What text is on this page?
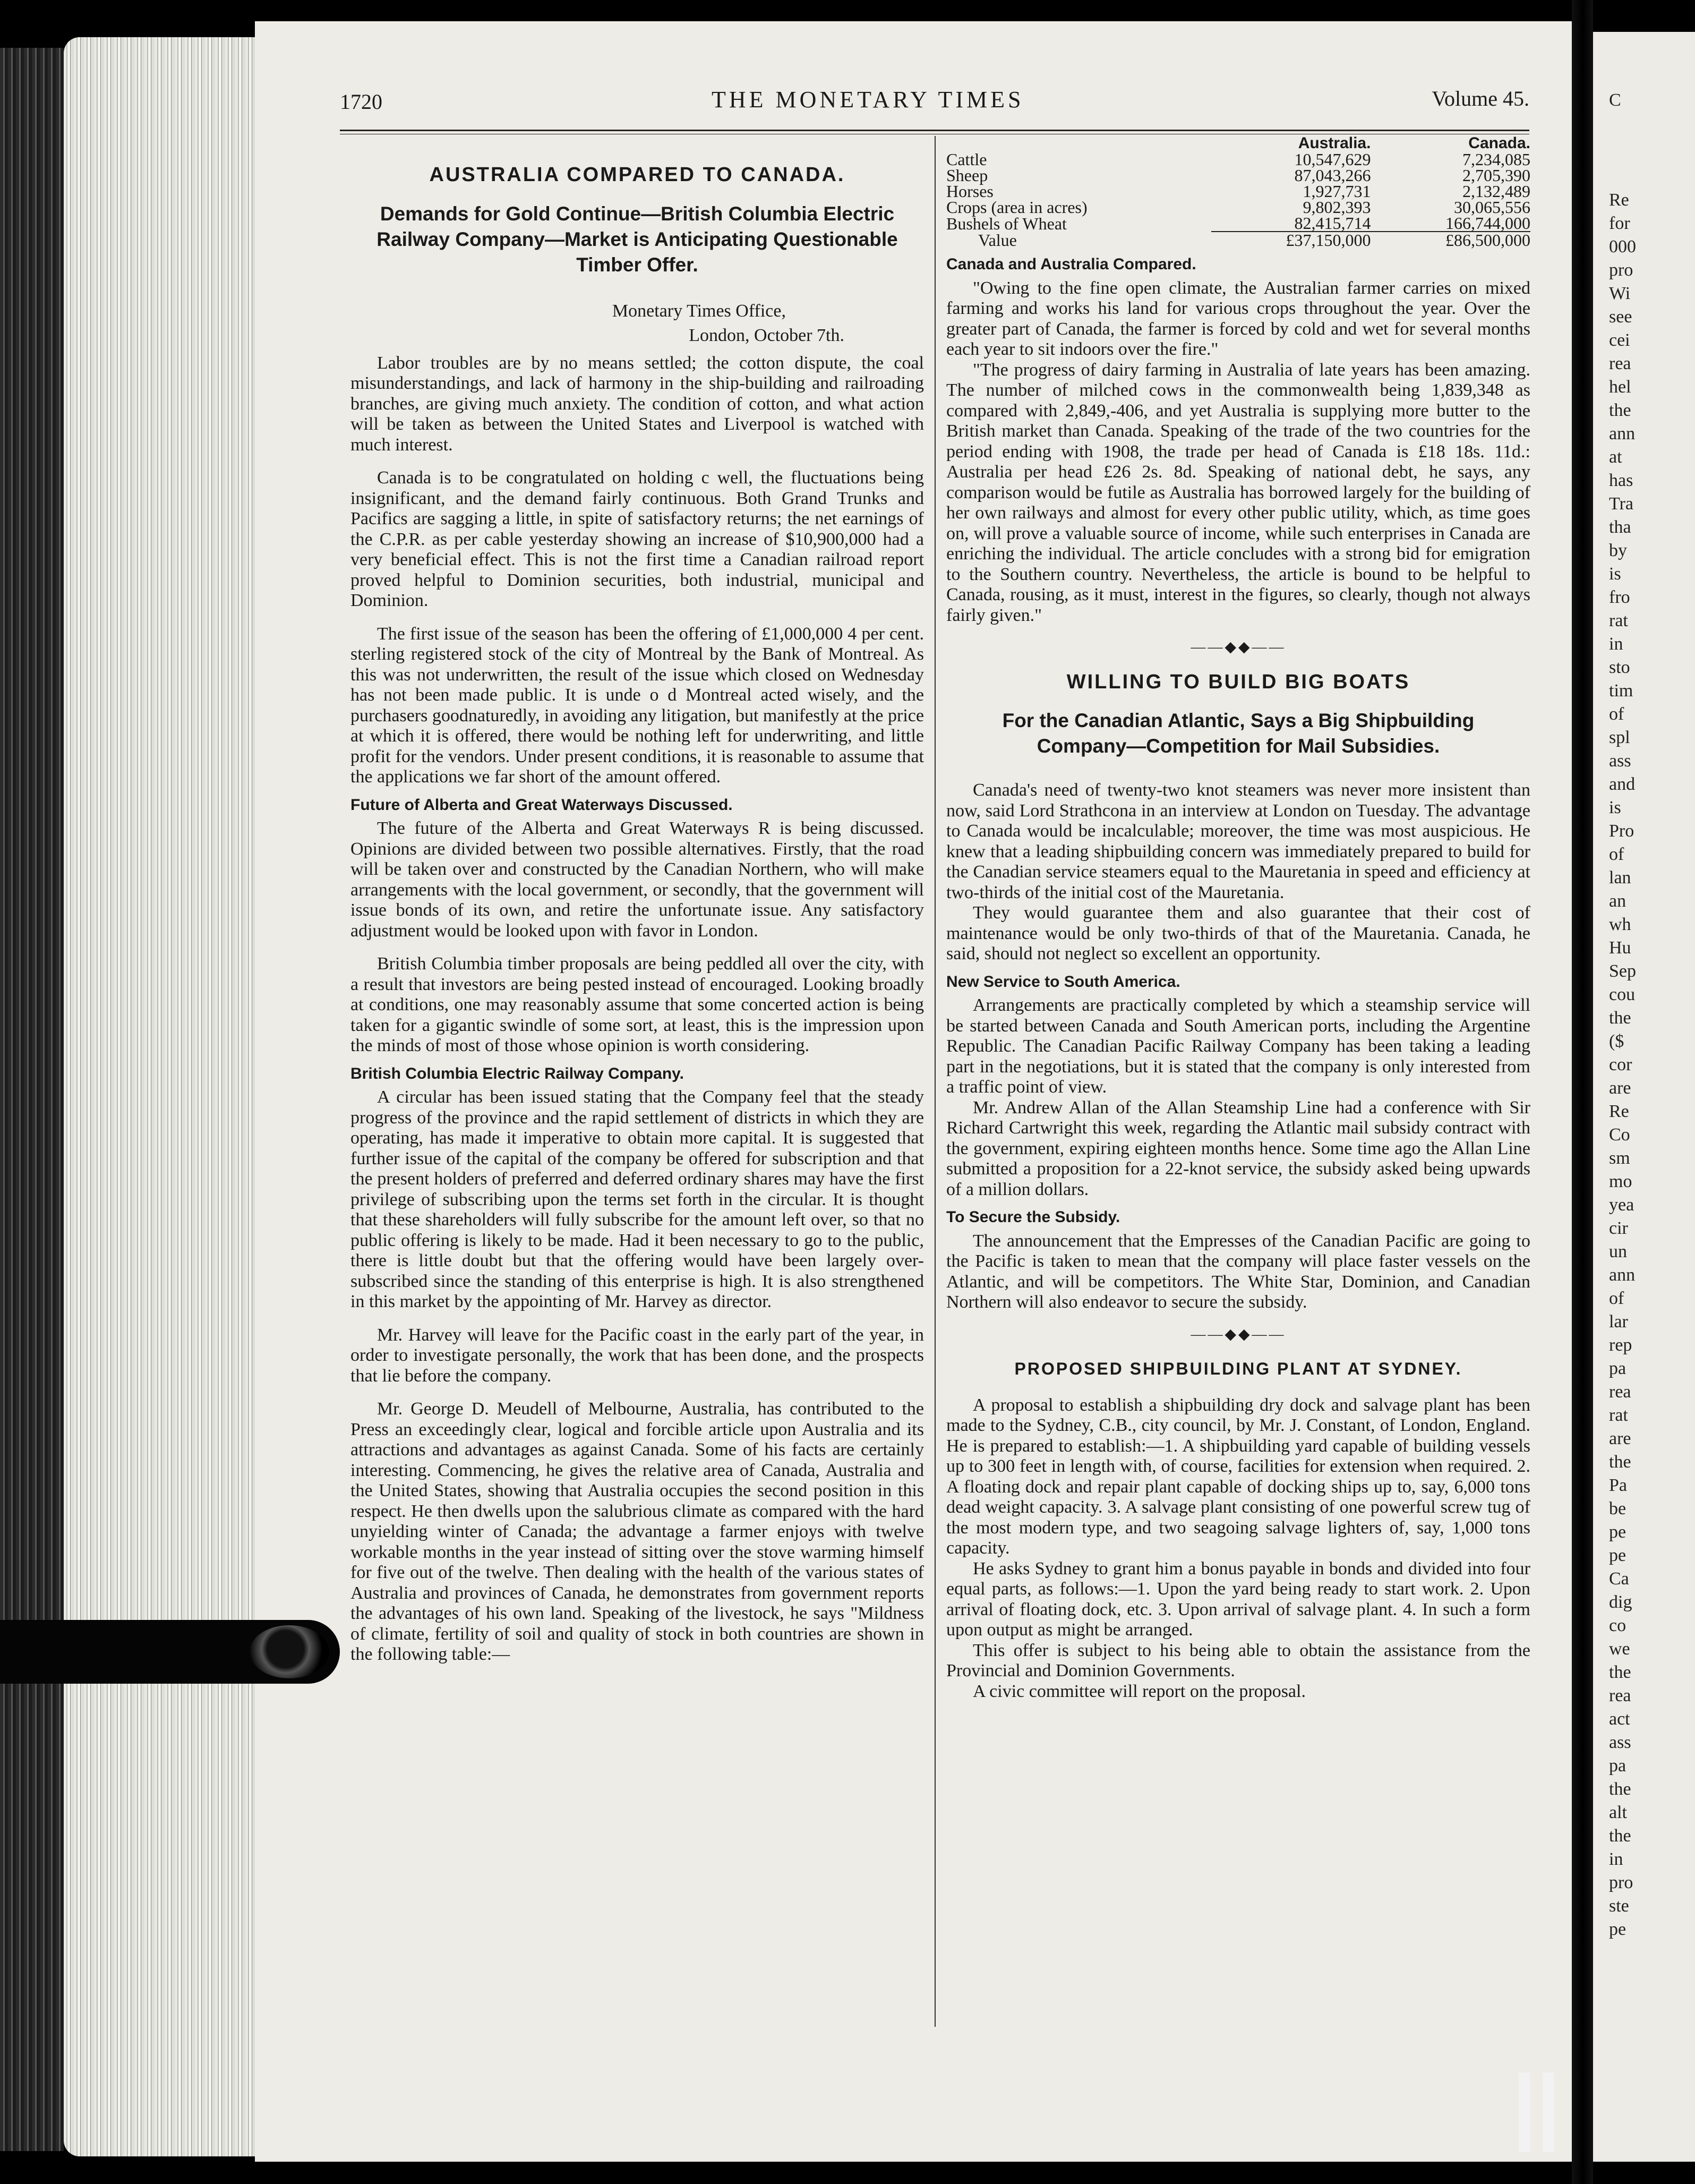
C
Re
for
000
pro
Wi
see
cei
rea
hel
the
ann
at
has
Tra
tha
by
is
fro
rat
in
sto
tim
of
spl
ass
and
is
Pro
of
lan
an
wh
Hu
Sep
cou
the
($
cor
are
Re
Co
sm
mo
yea
cir
un
ann
of
lar
rep
pa
rea
rat
are
the
Pa
be
pe
pe
Ca
dig
co
we
the
rea
act
ass
pa
the
alt
the
in
pro
ste
pe
1720	THE MONETARY TIMES	Volume 45.
AUSTRALIA COMPARED TO CANADA.
Demands for Gold Continue—British Columbia Electric Railway Company—Market is Anticipating Questionable Timber Offer.
Monetary Times Office,
London, October 7th.

Labor troubles are by no means settled; the cotton dispute, the coal misunderstandings, and lack of harmony in the ship-building and railroading branches, are giving much anxiety. The condition of cotton, and what action will be taken as between the United States and Liverpool is watched with much interest.

Canada is to be congratulated on holding c well, the fluctuations being insignificant, and the demand fairly continuous. Both Grand Trunks and Pacifics are sagging a little, in spite of satisfactory returns; the net earnings of the C.P.R. as per cable yesterday showing an increase of $10,900,000 had a very beneficial effect. This is not the first time a Canadian railroad report proved helpful to Dominion securities, both industrial, municipal and Dominion.

The first issue of the season has been the offering of £1,000,000 4 per cent. sterling registered stock of the city of Montreal by the Bank of Montreal. As this was not underwritten, the result of the issue which closed on Wednesday has not been made public. It is unde o d Montreal acted wisely, and the purchasers goodnaturedly, in avoiding any litigation, but manifestly at the price at which it is offered, there would be nothing left for underwriting, and little profit for the vendors. Under present conditions, it is reasonable to assume that the applications we far short of the amount offered.

Future of Alberta and Great Waterways Discussed.

The future of the Alberta and Great Waterways R is being discussed. Opinions are divided between two possible alternatives. Firstly, that the road will be taken over and constructed by the Canadian Northern, who will make arrangements with the local government, or secondly, that the government will issue bonds of its own, and retire the unfortunate issue. Any satisfactory adjustment would be looked upon with favor in London.

British Columbia timber proposals are being peddled all over the city, with a result that investors are being pested instead of encouraged. Looking broadly at conditions, one may reasonably assume that some concerted action is being taken for a gigantic swindle of some sort, at least, this is the impression upon the minds of most of those whose opinion is worth considering.

British Columbia Electric Railway Company.

A circular has been issued stating that the Company feel that the steady progress of the province and the rapid settlement of districts in which they are operating, has made it imperative to obtain more capital. It is suggested that further issue of the capital of the company be offered for subscription and that the present holders of preferred and deferred ordinary shares may have the first privilege of subscribing upon the terms set forth in the circular. It is thought that these shareholders will fully subscribe for the amount left over, so that no public offering is likely to be made. Had it been necessary to go to the public, there is little doubt but that the offering would have been largely over-subscribed since the standing of this enterprise is high. It is also strengthened in this market by the appointing of Mr. Harvey as director.

Mr. Harvey will leave for the Pacific coast in the early part of the year, in order to investigate personally, the work that has been done, and the prospects that lie before the company.

Mr. George D. Meudell of Melbourne, Australia, has contributed to the Press an exceedingly clear, logical and forcible article upon Australia and its attractions and advantages as against Canada. Some of his facts are certainly interesting. Commencing, he gives the relative area of Canada, Australia and the United States, showing that Australia occupies the second position in this respect. He then dwells upon the salubrious climate as compared with the hard unyielding winter of Canada; the advantage a farmer enjoys with twelve workable months in the year instead of sitting over the stove warming himself for five out of the twelve. Then dealing with the health of the various states of Australia and provinces of Canada, he demonstrates from government reports the advantages of his own land. Speaking of the livestock, he says "Mildness of climate, fertility of soil and quality of stock in both countries are shown in the following table:—

	Australia.	Canada.
Cattle	10,547,629	7,234,085
Sheep	87,043,266	2,705,390
Horses	1,927,731	2,132,489
Crops (area in acres)	9,802,393	30,065,556
Bushels of Wheat	82,415,714	166,744,000
Value	£37,150,000	£86,500,000
Canada and Australia Compared.

"Owing to the fine open climate, the Australian farmer carries on mixed farming and works his land for various crops throughout the year. Over the greater part of Canada, the farmer is forced by cold and wet for several months each year to sit indoors over the fire."

"The progress of dairy farming in Australia of late years has been amazing. The number of milched cows in the commonwealth being 1,839,348 as compared with 2,849,-406, and yet Australia is supplying more butter to the British market than Canada. Speaking of the trade of the two countries for the period ending with 1908, the trade per head of Canada is £18 18s. 11d.: Australia per head £26 2s. 8d. Speaking of national debt, he says, any comparison would be futile as Australia has borrowed largely for the building of her own railways and almost for every other public utility, which, as time goes on, will prove a valuable source of income, while such enterprises in Canada are enriching the individual. The article concludes with a strong bid for emigration to the Southern country. Nevertheless, the article is bound to be helpful to Canada, rousing, as it must, interest in the figures, so clearly, though not always fairly given."

——◆◆——
WILLING TO BUILD BIG BOATS
For the Canadian Atlantic, Says a Big Shipbuilding Company—Competition for Mail Subsidies.

Canada's need of twenty-two knot steamers was never more insistent than now, said Lord Strathcona in an interview at London on Tuesday. The advantage to Canada would be incalculable; moreover, the time was most auspicious. He knew that a leading shipbuilding concern was immediately prepared to build for the Canadian service steamers equal to the Mauretania in speed and efficiency at two-thirds of the initial cost of the Mauretania.

They would guarantee them and also guarantee that their cost of maintenance would be only two-thirds of that of the Mauretania. Canada, he said, should not neglect so excellent an opportunity.

New Service to South America.

Arrangements are practically completed by which a steamship service will be started between Canada and South American ports, including the Argentine Republic. The Canadian Pacific Railway Company has been taking a leading part in the negotiations, but it is stated that the company is only interested from a traffic point of view.

Mr. Andrew Allan of the Allan Steamship Line had a conference with Sir Richard Cartwright this week, regarding the Atlantic mail subsidy contract with the government, expiring eighteen months hence. Some time ago the Allan Line submitted a proposition for a 22-knot service, the subsidy asked being upwards of a million dollars.

To Secure the Subsidy.

The announcement that the Empresses of the Canadian Pacific are going to the Pacific is taken to mean that the company will place faster vessels on the Atlantic, and will be competitors. The White Star, Dominion, and Canadian Northern will also endeavor to secure the subsidy.

——◆◆——
PROPOSED SHIPBUILDING PLANT AT SYDNEY.

A proposal to establish a shipbuilding dry dock and salvage plant has been made to the Sydney, C.B., city council, by Mr. J. Constant, of London, England. He is prepared to establish:—1. A shipbuilding yard capable of building vessels up to 300 feet in length with, of course, facilities for extension when required. 2. A floating dock and repair plant capable of docking ships up to, say, 6,000 tons dead weight capacity. 3. A salvage plant consisting of one powerful screw tug of the most modern type, and two seagoing salvage lighters of, say, 1,000 tons capacity.

He asks Sydney to grant him a bonus payable in bonds and divided into four equal parts, as follows:—1. Upon the yard being ready to start work. 2. Upon arrival of floating dock, etc. 3. Upon arrival of salvage plant. 4. In such a form upon output as might be arranged.

This offer is subject to his being able to obtain the assistance from the Provincial and Dominion Governments.

A civic committee will report on the proposal.
